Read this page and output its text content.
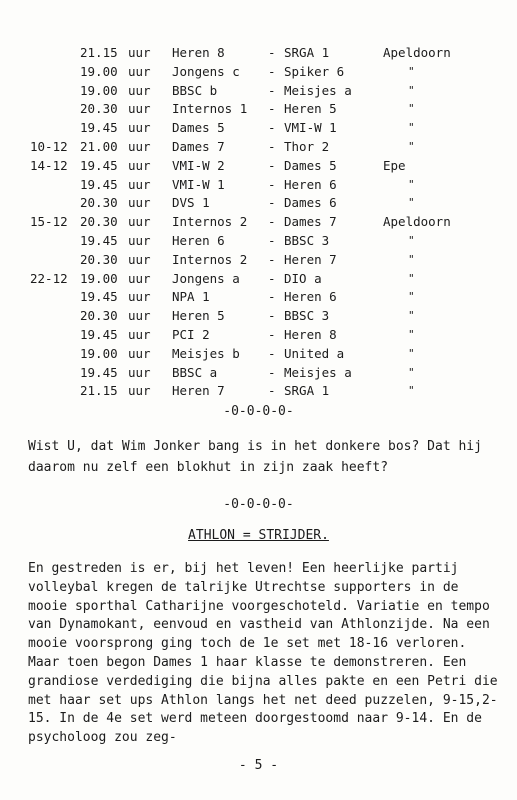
21.15 uur Heren 8	- SRGA 1	Apeldoorn
19.00 uur Jongens c - Spiker 6	"
19.00 uur BBSC b	- Meisjes a	"
20.30 uur Internos 1 - Heren 5	"
19.45 uur Dames 5	- VMI-W 1	"
10-12 21.00 uur Dames 7	- Thor 2	"
14-12 19.45 uur VMI-W 2	- Dames 5	Epe
19.45 uur VMI-W 1	- Heren 6	"
20.30 uur DVS 1	- Dames 6	"
15-12 20.30 uur Internos 2 - Dames 7	Apeldoorn
19.45 uur Heren 6	- BBSC 3	"
20.30 uur Internos 2 - Heren 7	"
22-12 19.00 uur Jongens a - DIO a	"
19.45 uur NPA 1	- Heren 6	"
20.30 uur Heren 5	- BBSC 3	"
19.45 uur PCI 2	- Heren 8	"
19.00 uur Meisjes b - United a	"
19.45 uur BBSC a	- Meisjes a	"
21.15 uur Heren 7	- SRGA 1	"
-0-0-0-0-

Wist U, dat Wim Jonker bang is in het donkere bos? Dat hij daarom nu zelf een blokhut in zijn zaak heeft?

-0-0-0-0-
ATHLON = STRIJDER.

En gestreden is er, bij het leven! Een heerlijke partij volleybal kregen de talrijke Utrechtse supporters in de mooie sporthal Catharijne voorgeschoteld. Variatie en tempo van Dynamokant, eenvoud en vastheid van Athlonzijde. Na een mooie voorsprong ging toch de 1e set met 18-16 verloren. Maar toen begon Dames 1 haar klasse te demonstreren. Een grandiose verdediging die bijna alles pakte en een Petri die met haar set ups Athlon langs het net deed puzzelen, 9-15,2-15. In de 4e set werd meteen doorgestoomd naar 9-14. En de psycholoog zou zeg-

- 5 -
